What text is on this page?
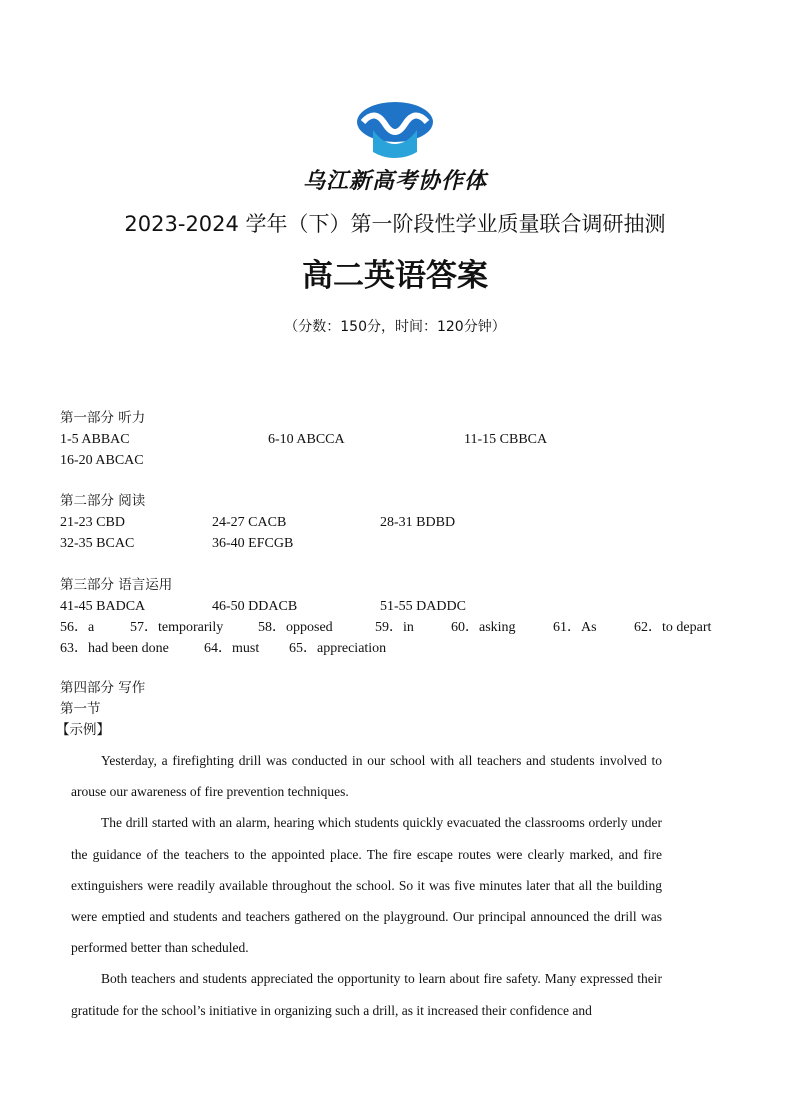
乌江新高考协作体
2023-2024 学年（下）第一阶段性学业质量联合调研抽测
高二英语答案
（分数：150分，时间：120分钟）
第一部分 听力
1-5 ABBAC	6-10 ABCCA	11-15 CBBCA
16-20 ABCAC
第二部分 阅读
21-23 CBD	24-27 CACB	28-31 BDBD
32-35 BCAC	36-40 EFCGB
第三部分 语言运用
41-45 BADCA	46-50 DDACB	51-55 DADDC
56．a	57．temporarily 58．opposed	59．in	60．asking	61．As	62．to depart
63．had been done	64．must 65．appreciation
第四部分 写作
第一节
【示例】

Yesterday, a firefighting drill was conducted in our school with all teachers and students involved to arouse our awareness of fire prevention techniques.

The drill started with an alarm, hearing which students quickly evacuated the classrooms orderly under the guidance of the teachers to the appointed place. The fire escape routes were clearly marked, and fire extinguishers were readily available throughout the school. So it was five minutes later that all the building were emptied and students and teachers gathered on the playground. Our principal announced the drill was performed better than scheduled.

Both teachers and students appreciated the opportunity to learn about fire safety. Many expressed their gratitude for the school’s initiative in organizing such a drill, as it increased their confidence and
